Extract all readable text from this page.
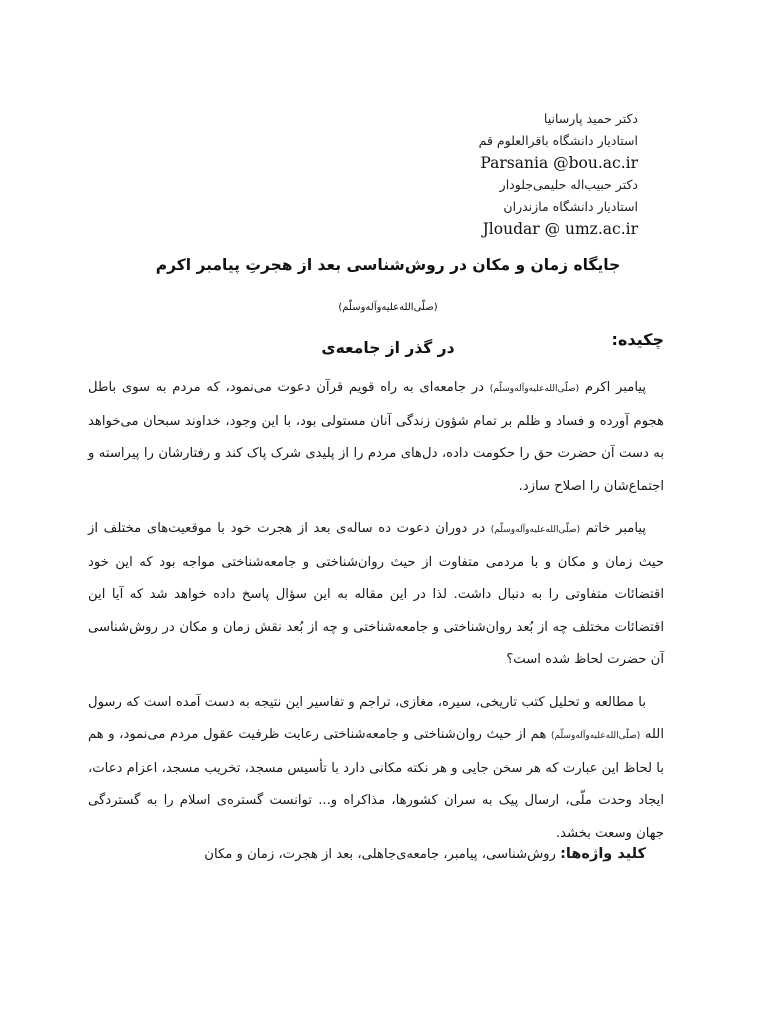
دکتر حمید پارسانیا
استادیار دانشگاه باقرالعلوم قم
Parsania @bou.ac.ir
دکتر حبیب‌اله حلیمی‌جلودار
استادیار دانشگاه مازندران
Jloudar @ umz.ac.ir
جایگاه زمان و مکان در روش‌شناسی بعد از هجرتِ پیامبر اکرم (صلّی‌الله‌علیه‌وآله‌وسلّم)
در گذر از جامعه‌ی	چکیده:

پیامبر اکرم (صلّی‌الله‌علیه‌وآله‌وسلّم) در جامعه‌ای به راه قویم قرآن دعوت می‌نمود، که مردم به سوی باطل هجوم آورده و فساد و ظلم بر تمام شؤون زندگی آنان مستولی بود، با این وجود، خداوند سبحان می‌خواهد به دست آن حضرت حق را حکومت داده، دل‌های مردم را از پلیدی شرک پاک کند و رفتارشان را پیراسته و اجتماع‌شان را اصلاح سازد.

پیامبر خاتم (صلّی‌الله‌علیه‌وآله‌وسلّم) در دوران دعوت ده ساله‌ی بعد از هجرت خود با موقعیت‌های مختلف از حیث زمان و مکان و با مردمی متفاوت از حیث روان‌شناختی و جامعه‌شناختی مواجه بود که این خود اقتضائات متفاوتی را به دنبال داشت. لذا در این مقاله به این سؤال پاسخ داده خواهد شد که آیا این اقتضائات مختلف چه از بُعد روان‌شناختی و جامعه‌شناختی و چه از بُعد نقش زمان و مکان در روش‌شناسی آن حضرت لحاظ شده است؟

با مطالعه و تحلیل کتب تاریخی، سیره، مغازی، تراجم و تفاسیر این نتیجه به دست آمده است که رسول الله (صلّی‌الله‌علیه‌وآله‌وسلّم) هم از حیث روان‌شناختی و جامعه‌شناختی رعایت ظرفیت عقول مردم می‌نمود، و هم با لحاظ این عبارت که هر سخن جایی و هر نکته مکانی دارد با تأسیس مسجد، تخریب مسجد، اعزام دعات، ایجاد وحدت ملّی، ارسال پیک به سران کشورها، مذاکراه و... توانست گستره‌ی اسلام را به گستردگی جهان وسعت بخشد.

کلید واژه‌ها: روش‌شناسی، پیامبر، جامعه‌ی‌جاهلی، بعد از هجرت، زمان و مکان
